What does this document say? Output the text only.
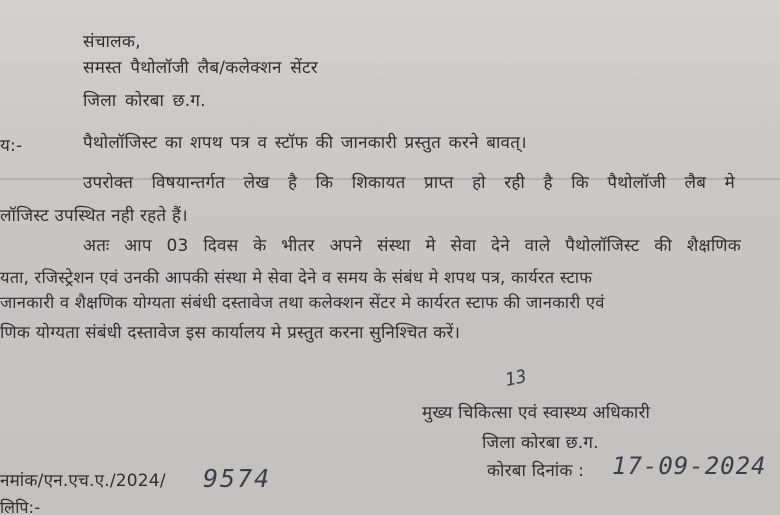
संचालक,
समस्त पैथोलॉजी लैब/कलेक्शन सेंटर
जिला कोरबा छ.ग.
य:-	पैथोलॉजिस्ट का शपथ पत्र व स्टॉफ की जानकारी प्रस्तुत करने बावत्।
उपरोक्त विषयान्तर्गत लेख है कि शिकायत प्राप्त हो रही है कि पैथोलॉजी लैब मे
लॉजिस्ट उपस्थित नही रहते हैं।
अतः आप 03 दिवस के भीतर अपने संस्था मे सेवा देने वाले पैथोलॉजिस्ट की शैक्षणिक
यता, रजिस्ट्रेशन एवं उनकी आपकी संस्था मे सेवा देने व समय के संबंध मे शपथ पत्र, कार्यरत स्टाफ
जानकारी व शैक्षणिक योग्यता संबंधी दस्तावेज तथा कलेक्शन सेंटर मे कार्यरत स्टाफ की जानकारी एवं
णिक योग्यता संबंधी दस्तावेज इस कार्यालय मे प्रस्तुत करना सुनिश्चित करें।
13
मुख्य चिकित्सा एवं स्वास्थ्य अधिकारी
जिला कोरबा छ.ग.
कोरबा दिनांक : 17-09-2024
नमांक/एन.एच.ए./2024/ 9574
लिपि:-
